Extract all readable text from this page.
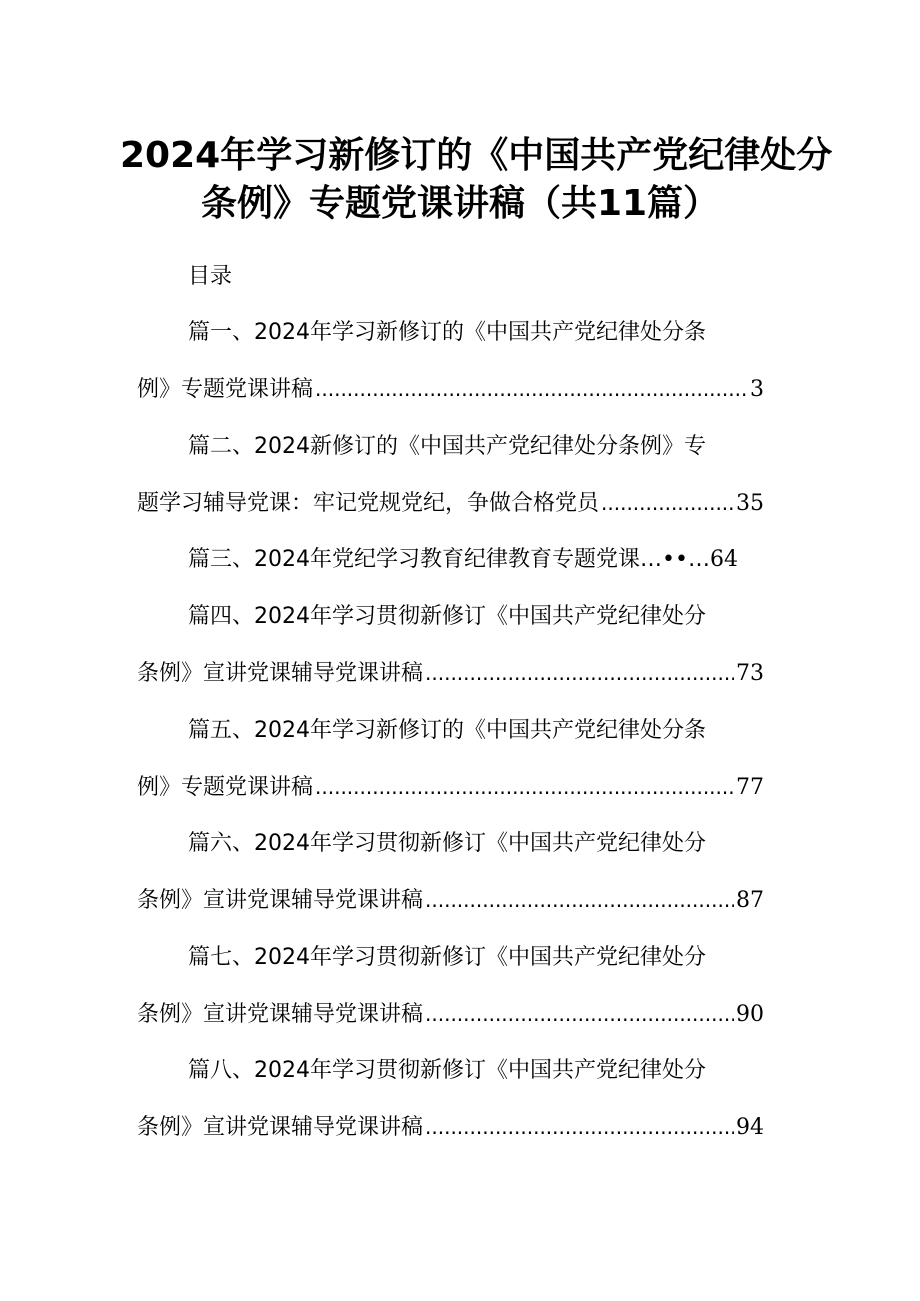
2024年学习新修订的《中国共产党纪律处分
条例》专题党课讲稿（共11篇）
目录
篇一、2024年学习新修订的《中国共产党纪律处分条
例》专题党课讲稿 .....	3
篇二、2024新修订的《中国共产党纪律处分条例》专
题学习辅导党课：牢记党规党纪，争做合格党员 .....	35
篇三、2024年党纪学习教育纪律教育专题党课…••… 64
篇四、2024年学习贯彻新修订《中国共产党纪律处分
条例》宣讲党课辅导党课讲稿 .....	73
篇五、2024年学习新修订的《中国共产党纪律处分条
例》专题党课讲稿 .....	77
篇六、2024年学习贯彻新修订《中国共产党纪律处分
条例》宣讲党课辅导党课讲稿 .....	87
篇七、2024年学习贯彻新修订《中国共产党纪律处分
条例》宣讲党课辅导党课讲稿 .....	90
篇八、2024年学习贯彻新修订《中国共产党纪律处分
条例》宣讲党课辅导党课讲稿 .....	94
